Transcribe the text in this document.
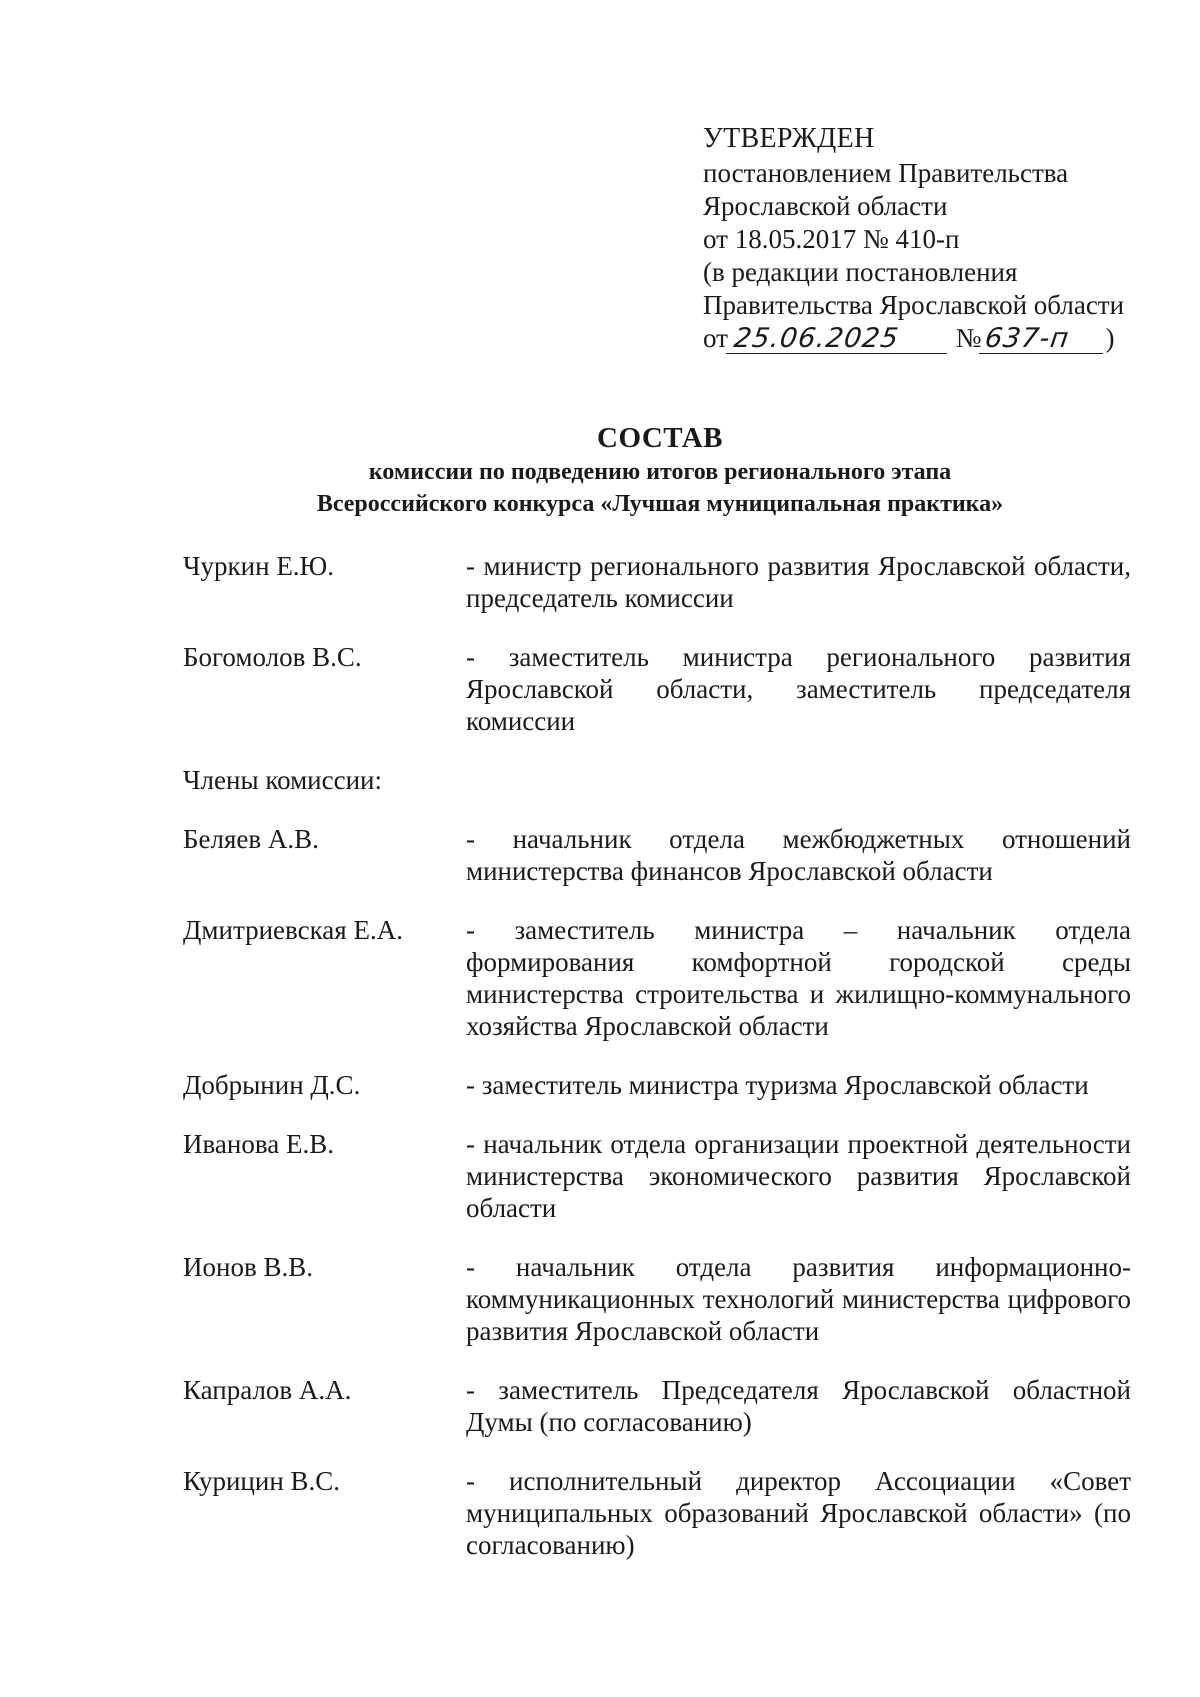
УТВЕРЖДЕН
постановлением Правительства
Ярославской области
от 18.05.2017 № 410-п
(в редакции постановления
Правительства Ярославской области
от 25.06.2025 №637-п )
СОСТАВ
комиссии по подведению итогов регионального этапа
Всероссийского конкурса «Лучшая муниципальная практика»
Чуркин Е.Ю.	- министр регионального развития Ярославской области, председатель комиссии
Богомолов В.С.	- заместитель министра регионального развития Ярославской области, заместитель председателя комиссии
Члены комиссии:
Беляев А.В.	- начальник отдела межбюджетных отношений министерства финансов Ярославской области
Дмитриевская Е.А.	- заместитель министра – начальник отдела формирования комфортной городской среды министерства строительства и жилищно-коммунального хозяйства Ярославской области
Добрынин Д.С.	- заместитель министра туризма Ярославской области
Иванова Е.В.	- начальник отдела организации проектной деятельности министерства экономического развития Ярославской области
Ионов В.В.	- начальник отдела развития информационно-коммуникационных технологий министерства цифрового развития Ярославской области
Капралов А.А.	- заместитель Председателя Ярославской областной Думы (по согласованию)
Курицин В.С.	- исполнительный директор Ассоциации «Совет муниципальных образований Ярославской области» (по согласованию)
